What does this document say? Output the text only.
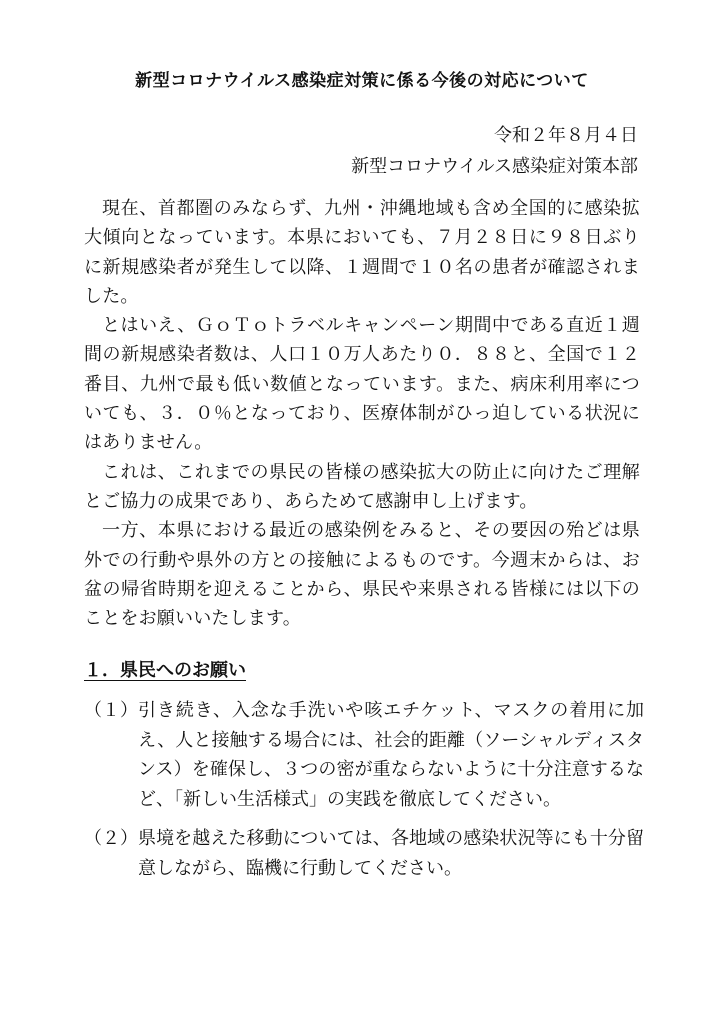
新型コロナウイルス感染症対策に係る今後の対応について
令和２年８月４日
新型コロナウイルス感染症対策本部

現在、首都圏のみならず、九州・沖縄地域も含め全国的に感染拡大傾向となっています。本県においても、７月２８日に９８日ぶりに新規感染者が発生して以降、１週間で１０名の患者が確認されました。

とはいえ、ＧｏＴｏトラベルキャンペーン期間中である直近１週間の新規感染者数は、人口１０万人あたり０．８８と、全国で１２番目、九州で最も低い数値となっています。また、病床利用率についても、３．０％となっており、医療体制がひっ迫している状況にはありません。

これは、これまでの県民の皆様の感染拡大の防止に向けたご理解とご協力の成果であり、あらためて感謝申し上げます。

一方、本県における最近の感染例をみると、その要因の殆どは県外での行動や県外の方との接触によるものです。今週末からは、お盆の帰省時期を迎えることから、県民や来県される皆様には以下のことをお願いいたします。

１．県民へのお願い
（１） 引き続き、入念な手洗いや咳エチケット、マスクの着用に加え、人と接触する場合には、社会的距離（ソーシャルディスタンス）を確保し、３つの密が重ならないように十分注意するなど、「新しい生活様式」の実践を徹底してください。
（２） 県境を越えた移動については、各地域の感染状況等にも十分留意しながら、臨機に行動してください。
